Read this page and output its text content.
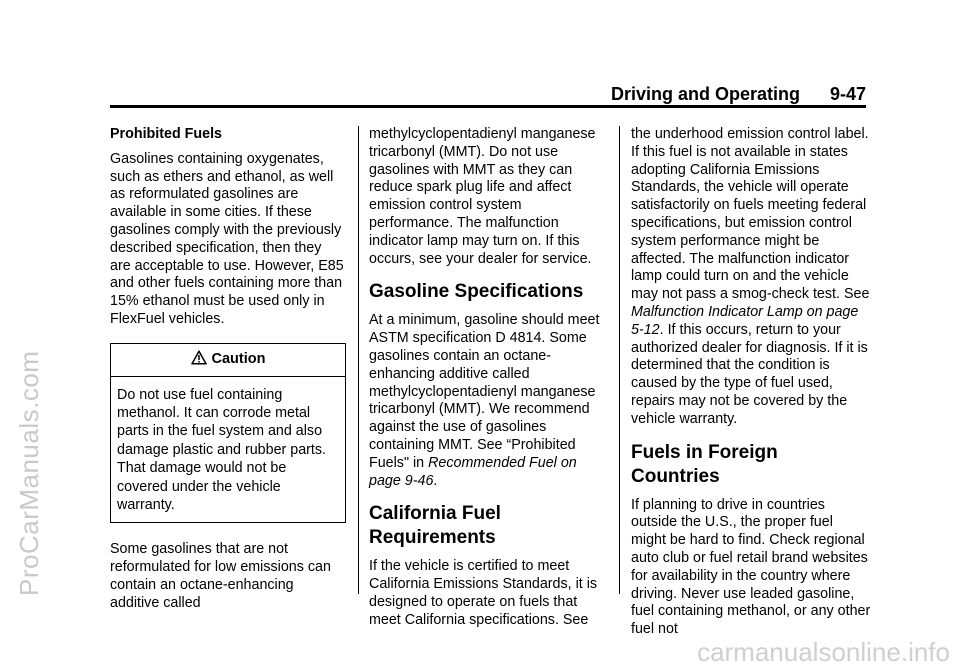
ProCarManuals.com
carmanualsonline.info
Driving and Operating 9-47

Prohibited Fuels

Gasolines containing oxygenates, such as ethers and ethanol, as well as reformulated gasolines are available in some cities. If these gasolines comply with the previously described specification, then they are acceptable to use. However, E85 and other fuels containing more than 15% ethanol must be used only in FlexFuel vehicles.

Caution
Do not use fuel containing methanol. It can corrode metal parts in the fuel system and also damage plastic and rubber parts. That damage would not be covered under the vehicle warranty.

Some gasolines that are not reformulated for low emissions can contain an octane-enhancing additive called

methylcyclopentadienyl manganese tricarbonyl (MMT). Do not use gasolines with MMT as they can reduce spark plug life and affect emission control system performance. The malfunction indicator lamp may turn on. If this occurs, see your dealer for service.

Gasoline Specifications

At a minimum, gasoline should meet ASTM specification D 4814. Some gasolines contain an octane-enhancing additive called methylcyclopentadienyl manganese tricarbonyl (MMT). We recommend against the use of gasolines containing MMT. See “Prohibited Fuels" in Recommended Fuel on page 9-46.

California Fuel Requirements

If the vehicle is certified to meet California Emissions Standards, it is designed to operate on fuels that meet California specifications. See

the underhood emission control label. If this fuel is not available in states adopting California Emissions Standards, the vehicle will operate satisfactorily on fuels meeting federal specifications, but emission control system performance might be affected. The malfunction indicator lamp could turn on and the vehicle may not pass a smog-check test. See Malfunction Indicator Lamp on page 5-12. If this occurs, return to your authorized dealer for diagnosis. If it is determined that the condition is caused by the type of fuel used, repairs may not be covered by the vehicle warranty.

Fuels in Foreign Countries

If planning to drive in countries outside the U.S., the proper fuel might be hard to find. Check regional auto club or fuel retail brand websites for availability in the country where driving. Never use leaded gasoline, fuel containing methanol, or any other fuel not
